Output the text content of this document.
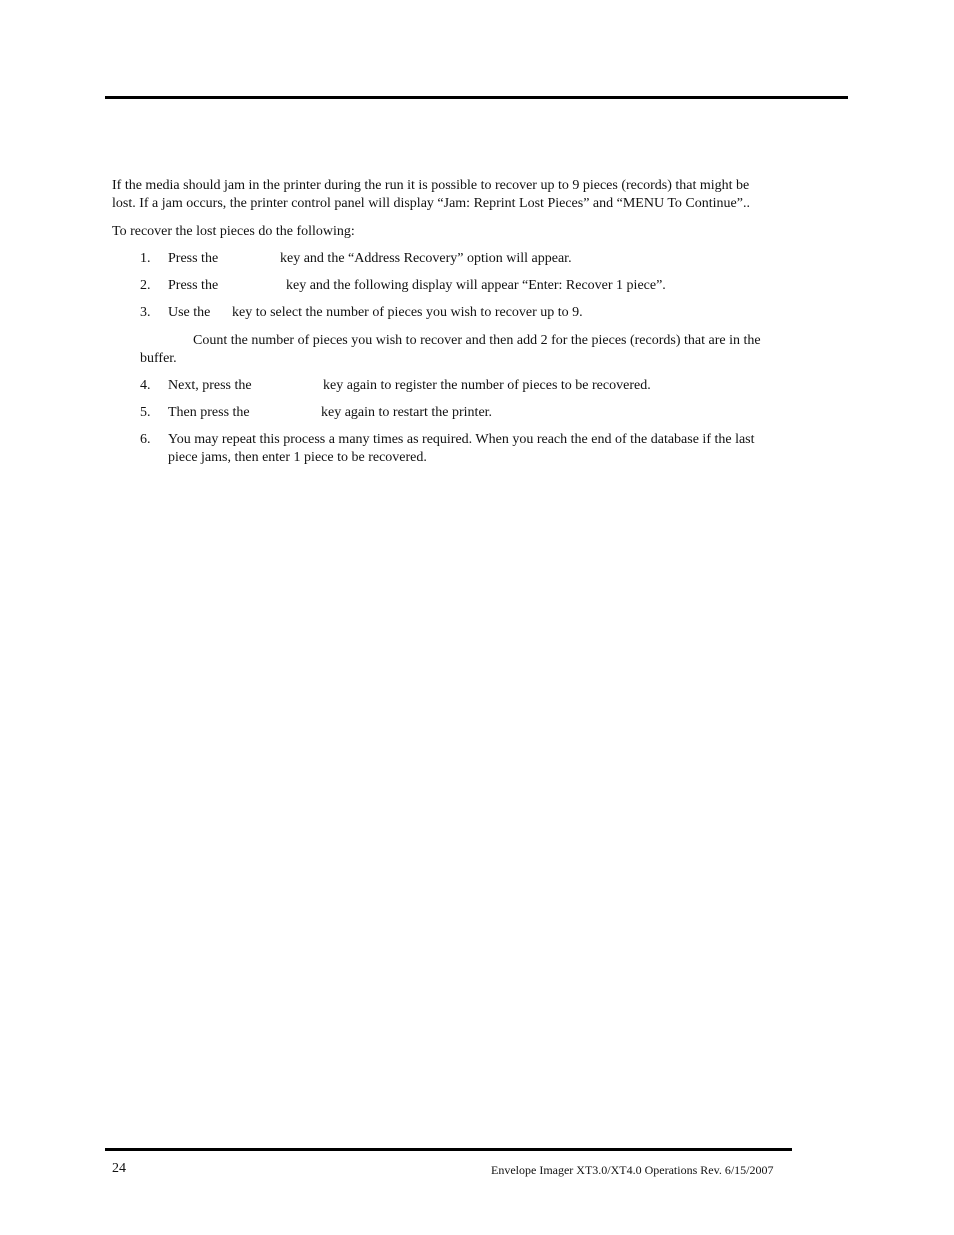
If the media should jam in the printer during the run it is possible to recover up to 9 pieces (records) that might be
lost. If a jam occurs, the printer control panel will display “Jam: Reprint Lost Pieces” and “MENU To Continue”..
To recover the lost pieces do the following:
1. Press the	key and the “Address Recovery” option will appear.
2. Press the	key and the following display will appear “Enter: Recover 1 piece”.
3. Use the key to select the number of pieces you wish to recover up to 9.
Count the number of pieces you wish to recover and then add 2 for the pieces (records) that are in the
buffer.
4. Next, press the	key again to register the number of pieces to be recovered.
5. Then press the	key again to restart the printer.
6. You may repeat this process a many times as required. When you reach the end of the database if the last
piece jams, then enter 1 piece to be recovered.
24	Envelope Imager XT3.0/XT4.0 Operations Rev. 6/15/2007
